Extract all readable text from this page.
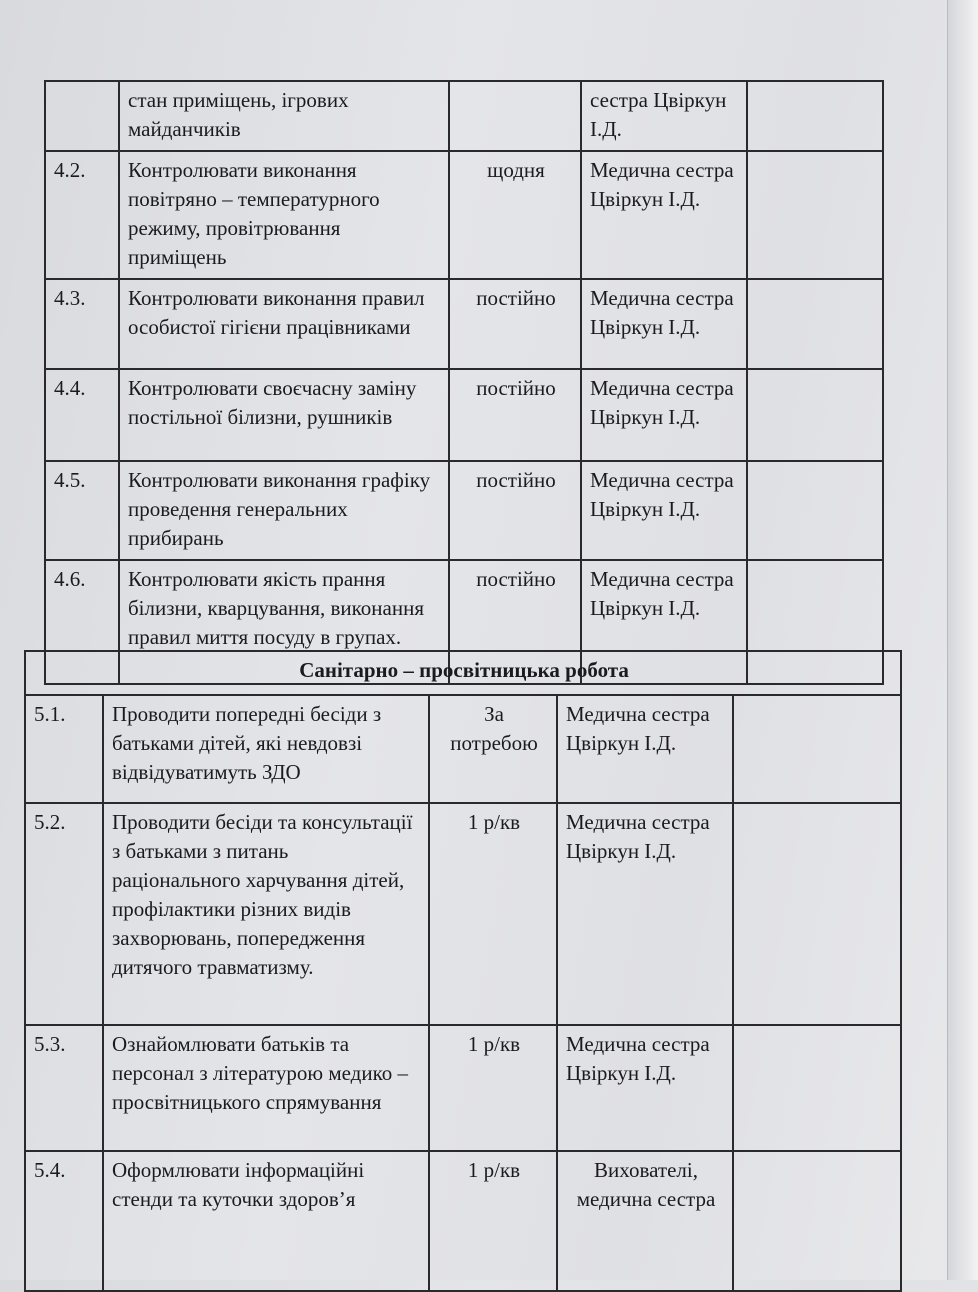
	стан приміщень, ігрових майданчиків		сестра Цвіркун І.Д.	
4.2.	Контролювати виконання повітряно – температурного режиму, провітрювання приміщень	щодня	Медична сестра Цвіркун І.Д.	
4.3.	Контролювати виконання правил особистої гігієни працівниками	постійно	Медична сестра Цвіркун І.Д.	
4.4.	Контролювати своєчасну заміну постільної білизни, рушників	постійно	Медична сестра Цвіркун І.Д.	
4.5.	Контролювати виконання графіку проведення генеральних прибирань	постійно	Медична сестра Цвіркун І.Д.	
4.6.	Контролювати якість прання білизни, кварцування, виконання правил миття посуду в групах.	постійно	Медична сестра Цвіркун І.Д.	
Санітарно – просвітницька робота				
5.1.	Проводити попередні бесіди з батьками дітей, які невдовзі відвідуватимуть ЗДО	За потребою	Медична сестра Цвіркун І.Д.	
5.2.	Проводити бесіди та консультації з батьками з питань раціонального харчування дітей, профілактики різних видів захворювань, попередження дитячого травматизму.	1 р/кв	Медична сестра Цвіркун І.Д.	
5.3.	Ознайомлювати батьків та персонал з літературою медико – просвітницького спрямування	1 р/кв	Медична сестра Цвіркун І.Д.	
5.4.	Оформлювати інформаційні стенди та куточки здоров’я	1 р/кв	Вихователі, медична сестра	
